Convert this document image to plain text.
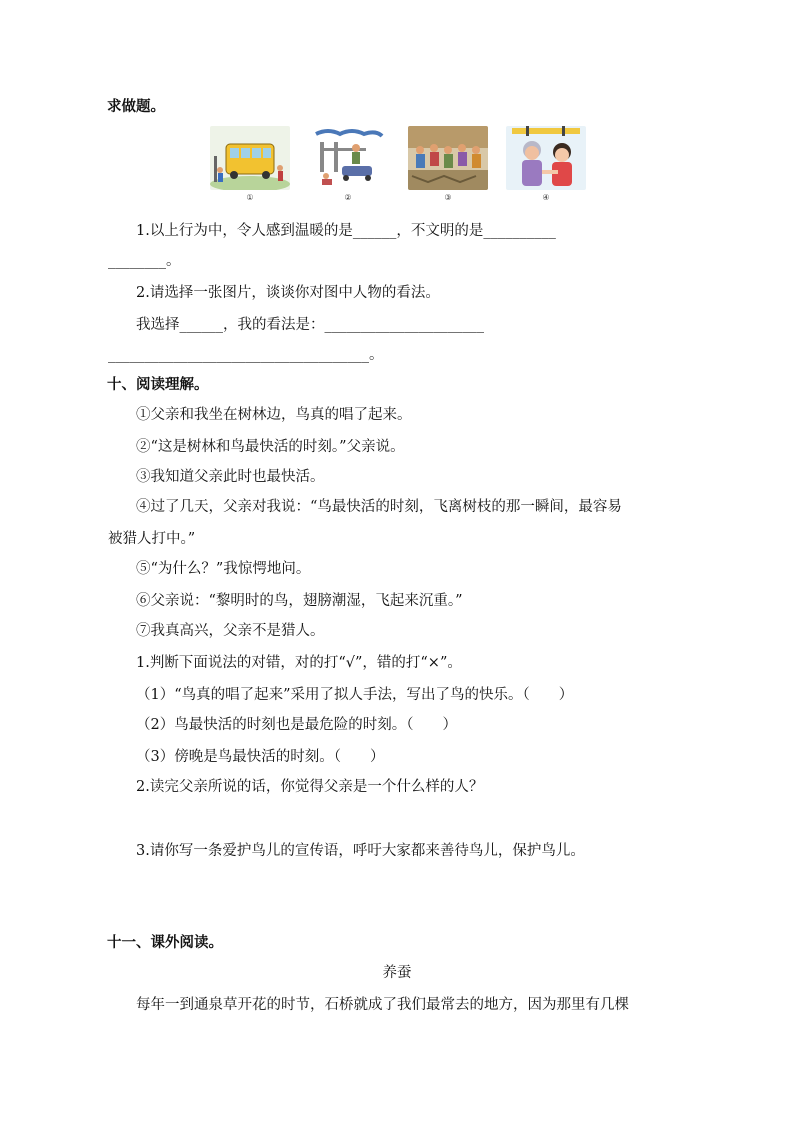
求做题。
①	②	③	④
1.以上行为中，令人感到温暖的是______，不文明的是__________
________。
2.请选择一张图片，谈谈你对图中人物的看法。
我选择______，我的看法是：______________________
____________________________________。
十、阅读理解。
①父亲和我坐在树林边，鸟真的唱了起来。
②“这是树林和鸟最快活的时刻。”父亲说。
③我知道父亲此时也最快活。
④过了几天，父亲对我说：“鸟最快活的时刻，飞离树枝的那一瞬间，最容易
被猎人打中。”
⑤“为什么？”我惊愕地问。
⑥父亲说：“黎明时的鸟，翅膀潮湿，飞起来沉重。”
⑦我真高兴，父亲不是猎人。
1.判断下面说法的对错，对的打“√”，错的打“×”。
（1）“鸟真的唱了起来”采用了拟人手法，写出了鸟的快乐。（　　）
（2）鸟最快活的时刻也是最危险的时刻。（　　）
（3）傍晚是鸟最快活的时刻。（　　）
2.读完父亲所说的话，你觉得父亲是一个什么样的人？
3.请你写一条爱护鸟儿的宣传语，呼吁大家都来善待鸟儿，保护鸟儿。
十一、课外阅读。
养蚕
每年一到通泉草开花的时节，石桥就成了我们最常去的地方，因为那里有几棵
